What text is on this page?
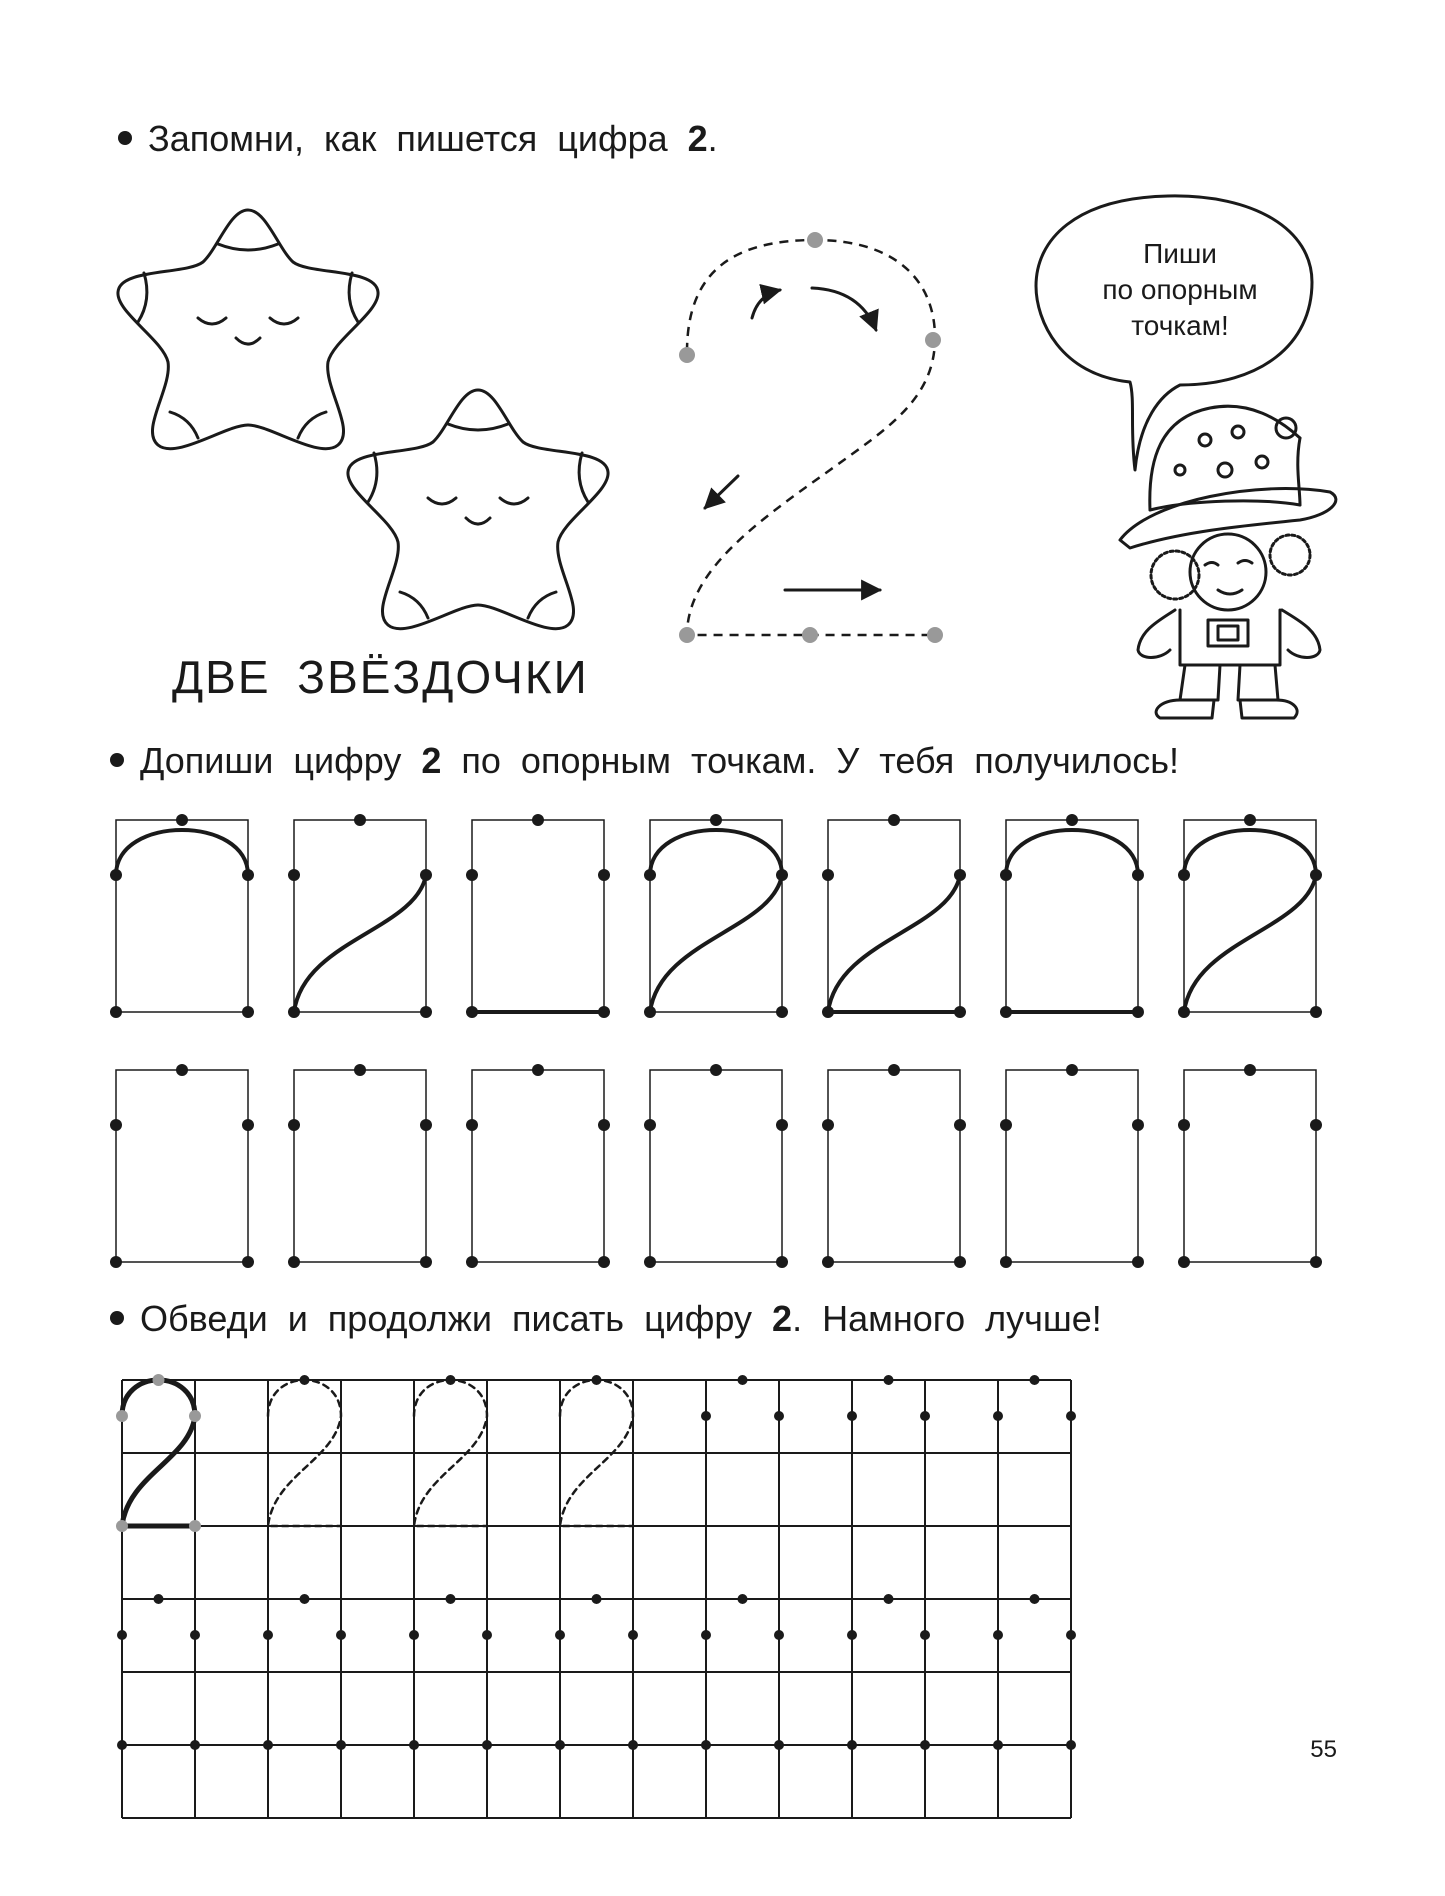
Запомни, как пишется цифра 2.
ДВЕ ЗВЁЗДОЧКИ
Допиши цифру 2 по опорным точкам. У тебя получилось!
Обведи и продолжи писать цифру 2. Намного лучше!
Пиши
по опорным
точкам!
55
